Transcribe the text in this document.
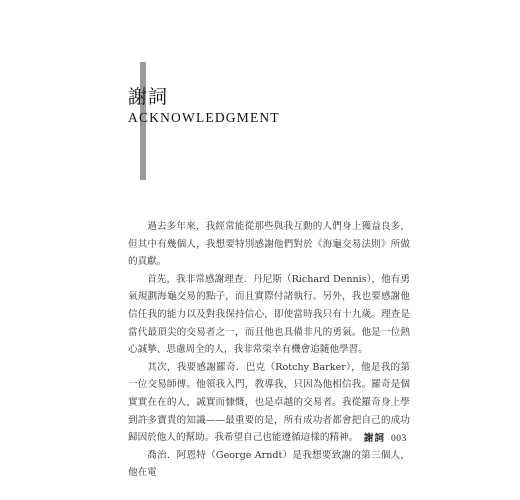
謝詞
ACKNOWLEDGMENT

過去多年來，我經常能從那些與我互動的人們身上獲益良多，但其中有幾個人，我想要特別感謝他們對於《海龜交易法則》所做的貢獻。

首先，我非常感謝理查．丹尼斯（Richard Dennis），他有勇氣規劃海龜交易的點子，而且實際付諸執行。另外，我也要感謝他信任我的能力以及對我保持信心，即使當時我只有十九歲。理查是當代最頂尖的交易者之一，而且他也具備非凡的勇氣。他是一位熱心誠摯、思慮周全的人，我非常榮幸有機會追隨他學習。

其次，我要感謝羅奇．巴克（Rotchy Barker），他是我的第一位交易師傅。他領我入門，教導我，只因為他相信我。羅奇是個實實在在的人，誠實而慷慨，也是卓越的交易者。我從羅奇身上學到許多寶貴的知識——最重要的是，所有成功者都會把自己的成功歸因於他人的幫助。我希望自己也能遵循這樣的精神。

喬治．阿恩特（George Arndt）是我想要致謝的第三個人，他在電

謝詞 003
